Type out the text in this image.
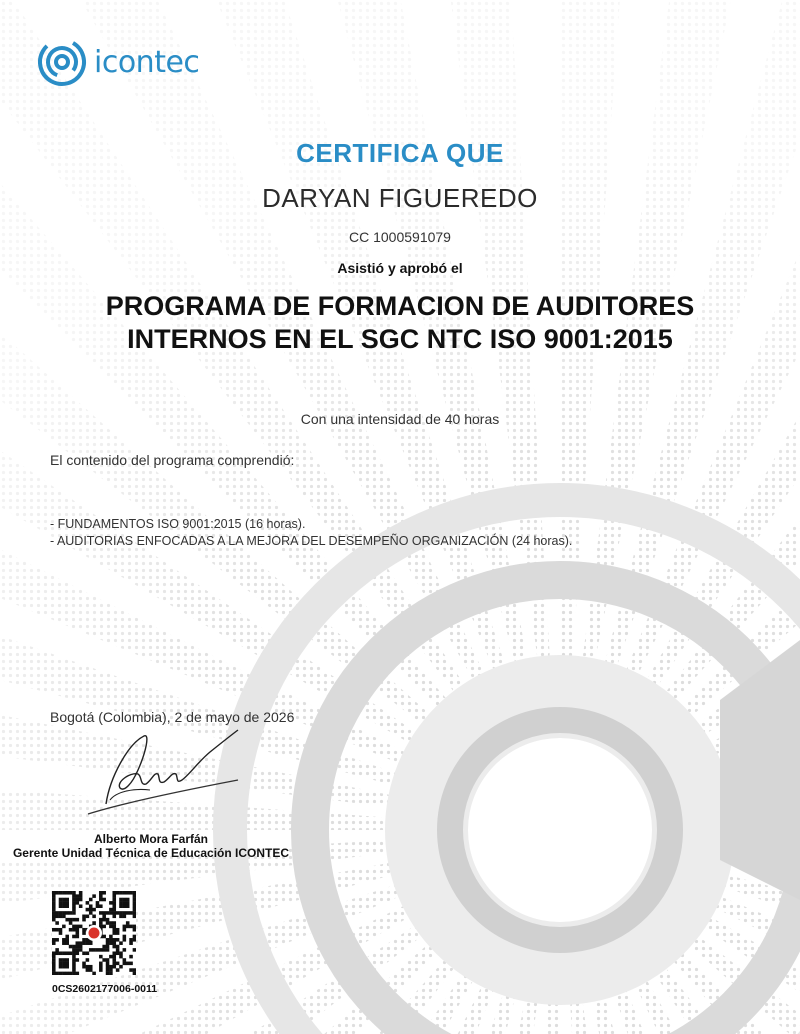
icontec
CERTIFICA QUE
DARYAN FIGUEREDO
CC 1000591079
Asistió y aprobó el
PROGRAMA DE FORMACION DE AUDITORES
INTERNOS EN EL SGC NTC ISO 9001:2015
Con una intensidad de 40 horas
El contenido del programa comprendió:
- FUNDAMENTOS ISO 9001:2015 (16 horas).
- AUDITORIAS ENFOCADAS A LA MEJORA DEL DESEMPEÑO ORGANIZACIÓN (24 horas).
Bogotá (Colombia), 2 de mayo de 2026
Alberto Mora Farfán
Gerente Unidad Técnica de Educación ICONTEC
0CS2602177006-0011
